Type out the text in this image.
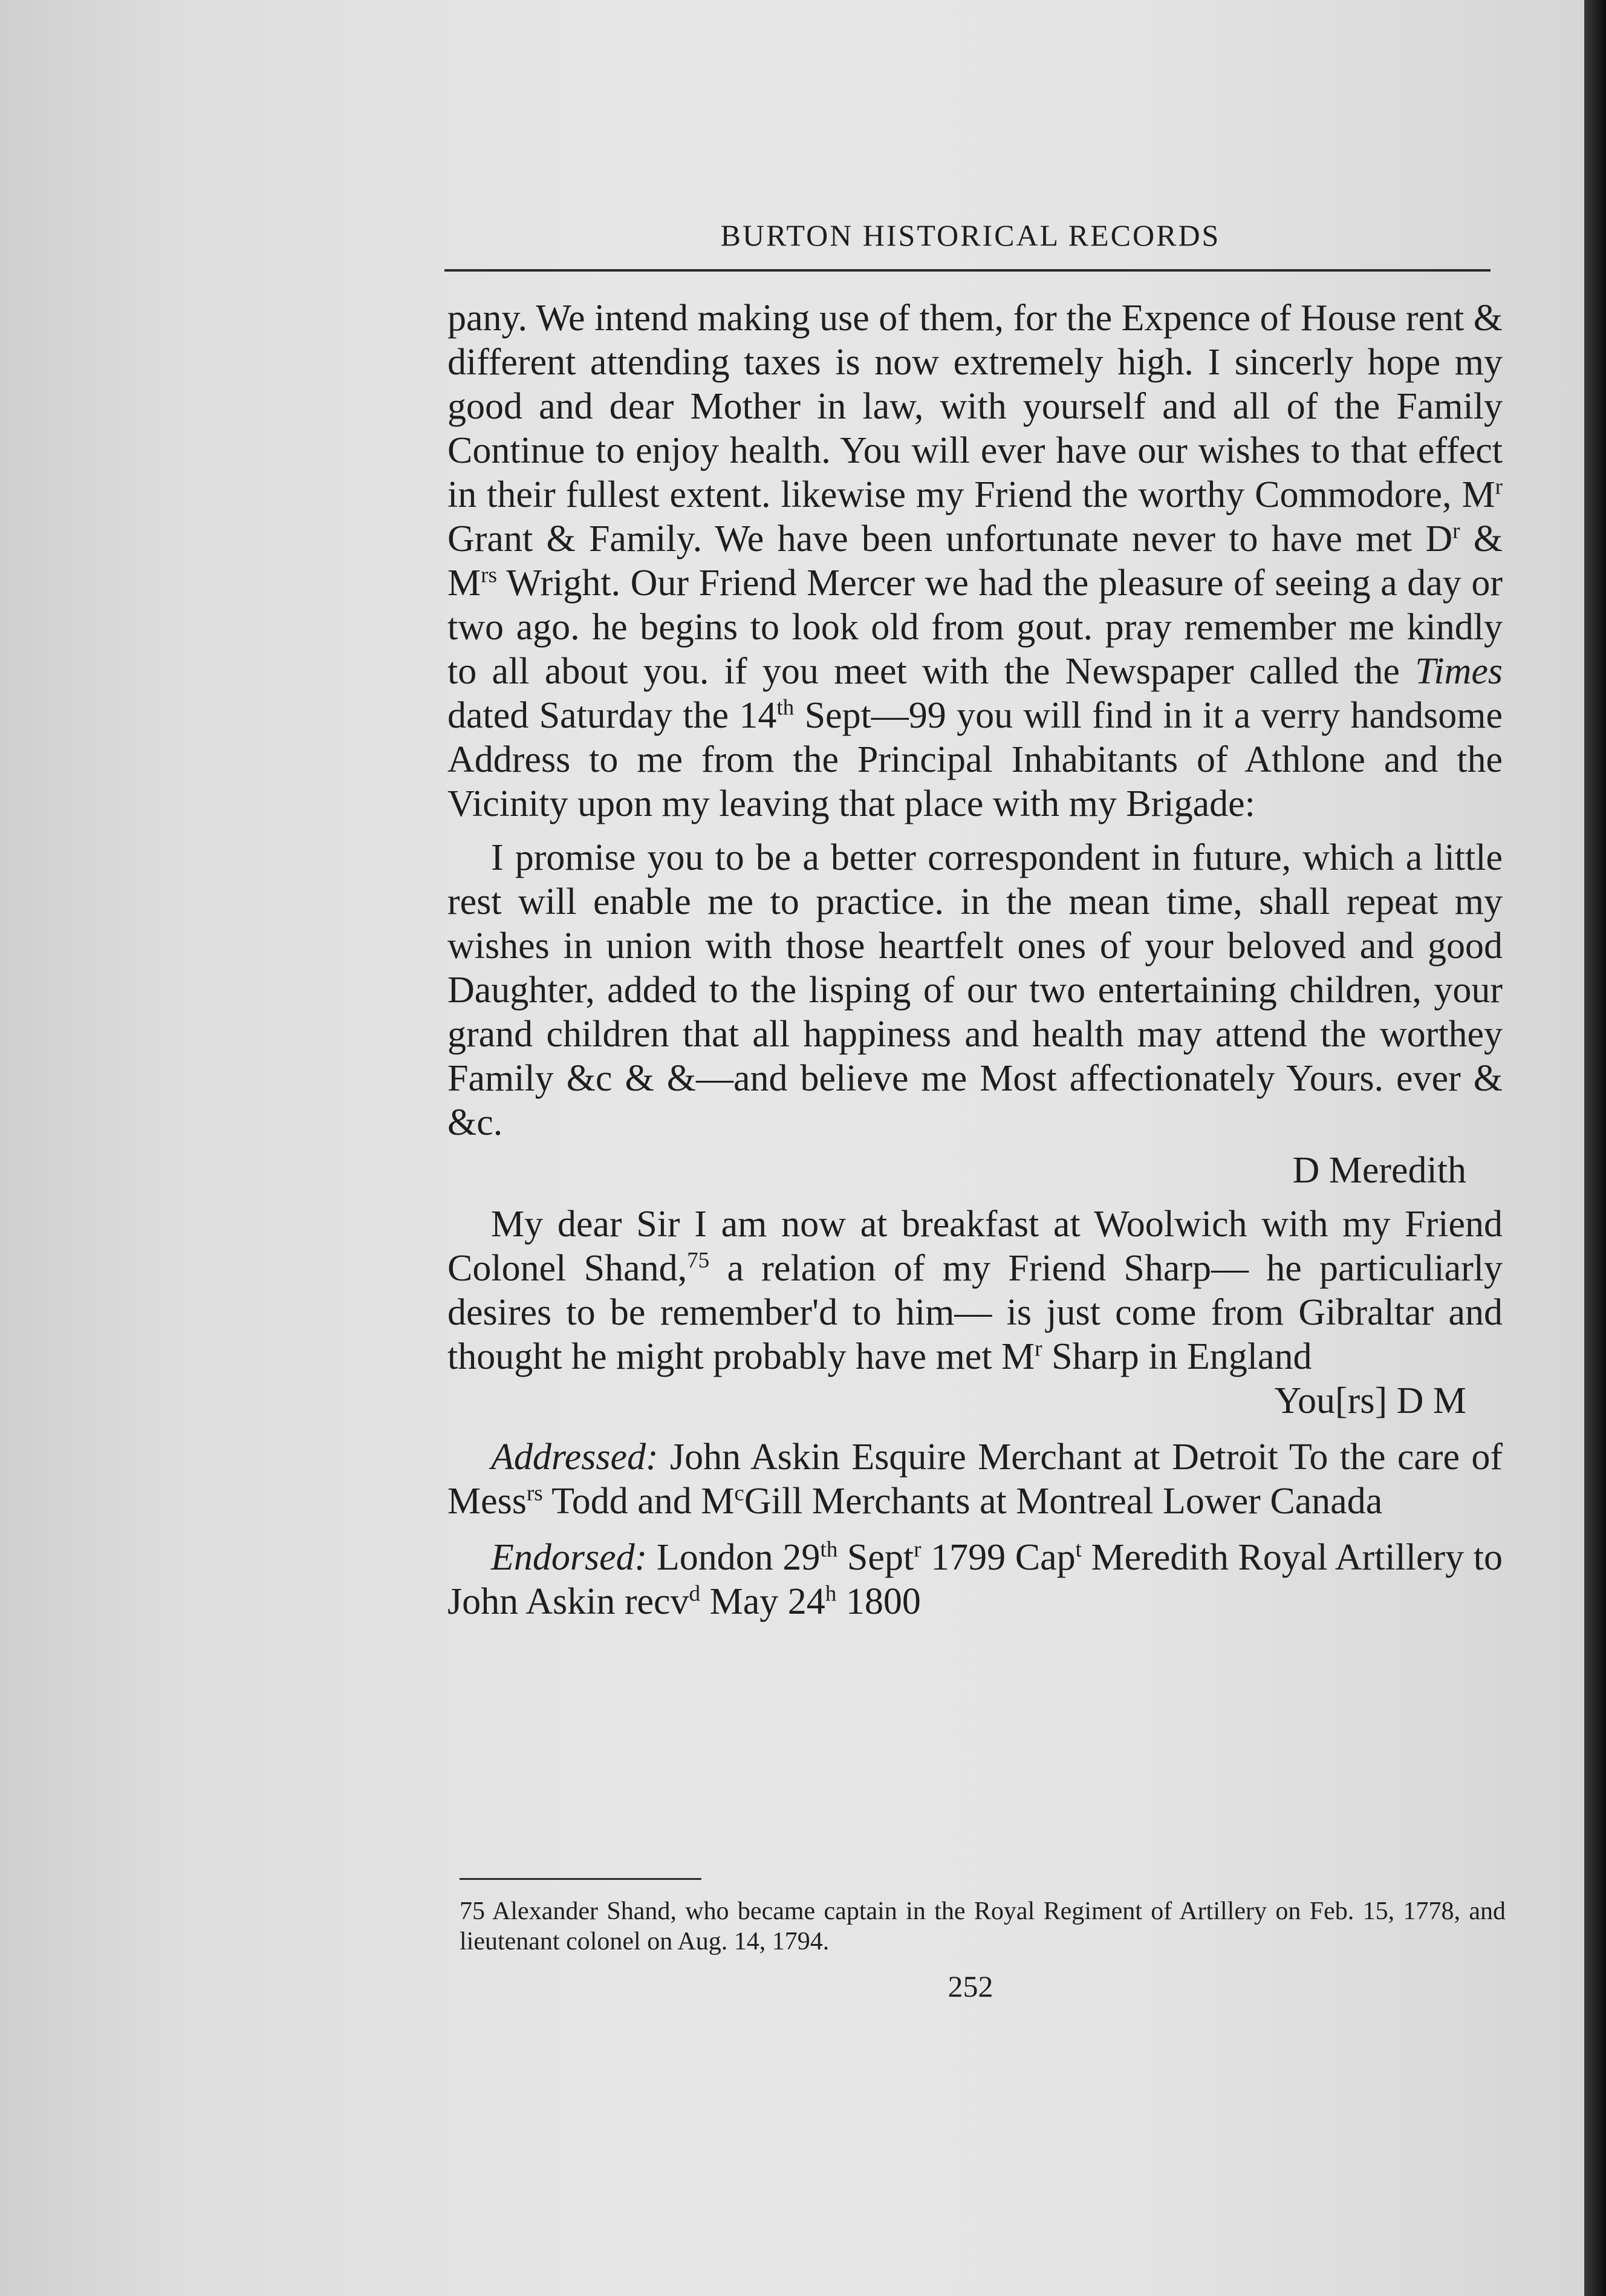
BURTON HISTORICAL RECORDS

pany. We intend making use of them, for the Expence of House rent & different attending taxes is now extremely high. I sincerly hope my good and dear Mother in law, with yourself and all of the Family Continue to enjoy health. You will ever have our wishes to that effect in their fullest extent. likewise my Friend the worthy Commodore, $M^r$ Grant & Family. We have been unfortunate never to have met $D^r$ & $M^{rs}$ Wright. Our Friend Mercer we had the pleasure of seeing a day or two ago. he begins to look old from gout. pray remember me kindly to all about you. if you meet with the Newspaper called the Times dated Saturday the 14th Sept—99 you will find in it a verry handsome Address to me from the Principal Inhabitants of Athlone and the Vicinity upon my leaving that place with my Brigade:

I promise you to be a better correspondent in future, which a little rest will enable me to practice. in the mean time, shall repeat my wishes in union with those heartfelt ones of your beloved and good Daughter, added to the lisping of our two entertaining children, your grand children that all happiness and health may attend the worthey Family &c & &—and believe me Most affectionately Yours. ever & &c.

D Meredith

My dear Sir I am now at breakfast at Woolwich with my Friend Colonel Shand,$^{75}$ a relation of my Friend Sharp— he particuliarly desires to be remember'd to him— is just come from Gibraltar and thought he might probably have met $M^r$ Sharp in England

You[rs] D M

Addressed: John Askin Esquire Merchant at Detroit To the care of Mess$^{rs}$ Todd and $M^cGill$ Merchants at Montreal Lower Canada

Endorsed: London 29th Sept$^r$ 1799 Cap$^t$ Meredith Royal Artillery to John Askin recv$^d$ May 24$^h$ 1800

75 Alexander Shand, who became captain in the Royal Regiment of Artillery on Feb. 15, 1778, and lieutenant colonel on Aug. 14, 1794.
252
